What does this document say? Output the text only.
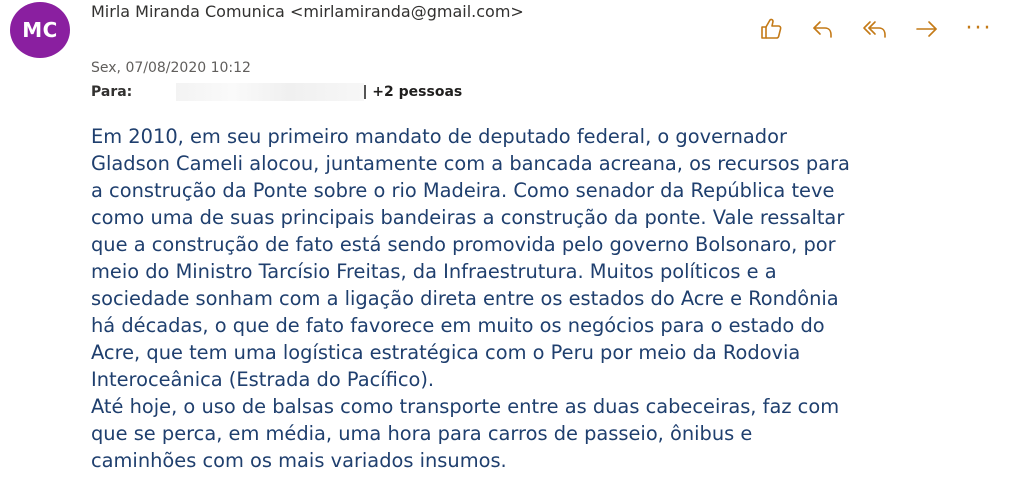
MC
Mirla Miranda Comunica <mirlamiranda@gmail.com>
Sex, 07/08/2020 10:12
Para:	+2 pessoas
···
Em 2010, em seu primeiro mandato de deputado federal, o governador
Gladson Cameli alocou, juntamente com a bancada acreana, os recursos para
a construção da Ponte sobre o rio Madeira. Como senador da República teve
como uma de suas principais bandeiras a construção da ponte. Vale ressaltar
que a construção de fato está sendo promovida pelo governo Bolsonaro, por
meio do Ministro Tarcísio Freitas, da Infraestrutura. Muitos políticos e a
sociedade sonham com a ligação direta entre os estados do Acre e Rondônia
há décadas, o que de fato favorece em muito os negócios para o estado do
Acre, que tem uma logística estratégica com o Peru por meio da Rodovia
Interoceânica (Estrada do Pacífico).
Até hoje, o uso de balsas como transporte entre as duas cabeceiras, faz com
que se perca, em média, uma hora para carros de passeio, ônibus e
caminhões com os mais variados insumos.
